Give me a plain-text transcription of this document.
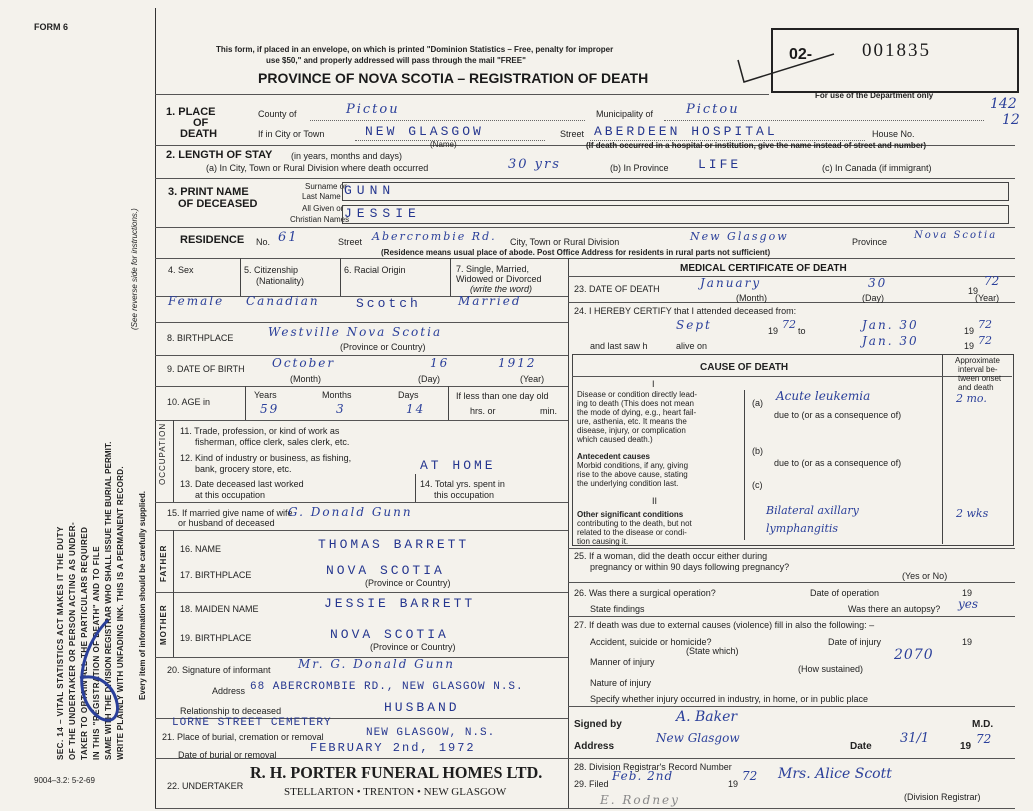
FORM 6
This form, if placed in an envelope, on which is printed "Dominion Statistics – Free, penalty for improper
use $50," and properly addressed will pass through the mail "FREE"
PROVINCE OF NOVA SCOTIA – REGISTRATION OF DEATH
02-	001835
For use of the Department only
142
12
1. PLACE
OF
DEATH
County of	Pictou	Municipality of	Pictou
If in City or Town	NEW GLASGOW
(Name)
Street ABERDEEN HOSPITAL	House No.
(If death occurred in a hospital or institution, give the name instead of street and number)
2. LENGTH OF STAY (in years, months and days)
(a) In City, Town or Rural Division where death occurred	30 yrs	(b) In Province LIFE	(c) In Canada (if immigrant)
3. PRINT NAME
OF DECEASED
Surname or
Last Name
All Given or
Christian Names
GUNN
JESSIE
RESIDENCE No. 61	Street Abercrombie Rd. City, Town or Rural Division	New Glasgow	Province
Nova Scotia
(Residence means usual place of abode. Post Office Address for residents in rural parts not sufficient)
4. Sex	5. Citizenship
(Nationality)
6. Racial Origin	7. Single, Married,
Widowed or Divorced
(write the word)
Female Canadian	Scotch	Married
8. BIRTHPLACE	Westville Nova Scotia
(Province or Country)
9. DATE OF BIRTH October	16	1912
(Month)	(Day)	(Year)
10. AGE in
Years	Months	Days
59	3	14
If less than one day old
hrs. or	min.
OCCUPATION 11. Trade, profession, or kind of work as
fisherman, office clerk, sales clerk, etc.
12. Kind of industry or business, as fishing,
bank, grocery store, etc.	AT HOME
13. Date deceased last worked
at this occupation
14. Total yrs. spent in
this occupation
15. If married give name of wife
or husband of deceased
G. Donald Gunn
FATHER
MOTHER
16. NAME	THOMAS BARRETT
17. BIRTHPLACE	NOVA SCOTIA
(Province or Country)
18. MAIDEN NAME	JESSIE BARRETT
19. BIRTHPLACE	NOVA SCOTIA
(Province or Country)
20. Signature of informant Mr. G. Donald Gunn
Address 68 ABERCROMBIE RD., NEW GLASGOW N.S.
Relationship to deceased	HUSBAND
LORNE STREET CEMETERY
21. Place of burial, cremation or removal	NEW GLASGOW, N.S.
Date of burial or removal	FEBRUARY 2nd, 1972
22. UNDERTAKER
R. H. PORTER FUNERAL HOMES LTD.
STELLARTON • TRENTON • NEW GLASGOW
E. Rodney
9004–3.2: 5-2-69
MEDICAL CERTIFICATE OF DEATH
23. DATE OF DEATH	January	30
19
72
(Month)	(Day)	(Year)
24. I HEREBY CERTIFY that I attended deceased from:
Sept	19 72 to	Jan. 30	19 72
and last saw h	alive on	Jan. 30	19 72
CAUSE OF DEATH
Approximate
interval be-
tween onset
and death
I
Disease or condition directly lead-
ing to death (This does not mean
the mode of dying, e.g., heart fail-
ure, asthenia, etc. It means the
disease, injury, or complication
which caused death.)
(a) Acute leukemia	2 mo.
due to (or as a consequence of)
(b)
due to (or as a consequence of)
(c)
Antecedent causes
Morbid conditions, if any, giving
rise to the above cause, stating
the underlying condition last.
II
Other significant conditions
contributing to the death, but not
related to the disease or condi-
tion causing it.
Bilateral axillary lymphangitis
2 wks
25. If a woman, did the death occur either during
pregnancy or within 90 days following pregnancy?
(Yes or No)
26. Was there a surgical operation?	Date of operation	19
State findings	Was there an autopsy? yes
27. If death was due to external causes (violence) fill in also the following: –
Accident, suicide or homicide?	Date of injury	19
(State which)
Manner of injury	2070
(How sustained)
Nature of injury
Specify whether injury occurred in industry, in home, or in public place
Signed by	A. Baker	M.D.
Address
New Glasgow
Date
31/1
19
72
28. Division Registrar's Record Number
29. Filed
Feb. 2nd
19
72 Mrs. Alice Scott
(Division Registrar)
SEC. 14 – VITAL STATISTICS ACT MAKES IT THE DUTY OF THE UNDERTAKER OR PERSON ACTING AS UNDER- TAKER TO OBTAIN ALL THE PARTICULARS REQUIRED IN THIS "REGISTRATION OF DEATH" AND TO FILE SAME WITH THE DIVISION REGISTRAR WHO SHALL ISSUE THE BURIAL PERMIT. WRITE PLAINLY WITH UNFADING INK. THIS IS A PERMANENT RECORD.
(See reverse side for instructions.)
Every item of information should be carefully supplied.
